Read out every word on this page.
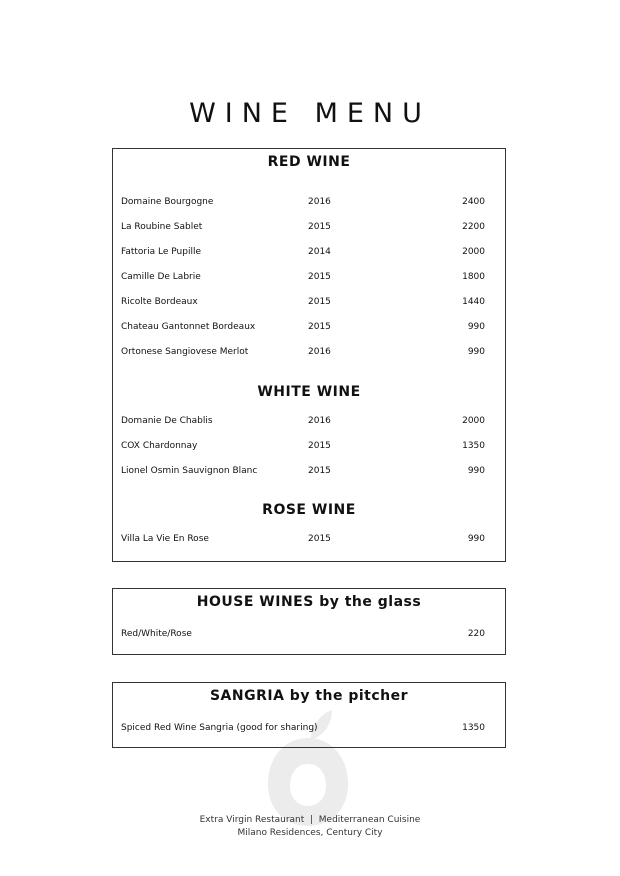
WINE MENU
RED WINE
Domaine Bourgogne	2016	2400
La Roubine Sablet	2015	2200
Fattoria Le Pupille	2014	2000
Camille De Labrie	2015	1800
Ricolte Bordeaux	2015	1440
Chateau Gantonnet Bordeaux	2015	990
Ortonese Sangiovese Merlot	2016	990
WHITE WINE
Domanie De Chablis	2016	2000
COX Chardonnay	2015	1350
Lionel Osmin Sauvignon Blanc	2015	990
ROSE WINE
Villa La Vie En Rose	2015	990
HOUSE WINES by the glass
Red/White/Rose	220
SANGRIA by the pitcher
Spiced Red Wine Sangria (good for sharing)	1350
Extra Virgin Restaurant  |  Mediterranean Cuisine
Milano Residences, Century City
